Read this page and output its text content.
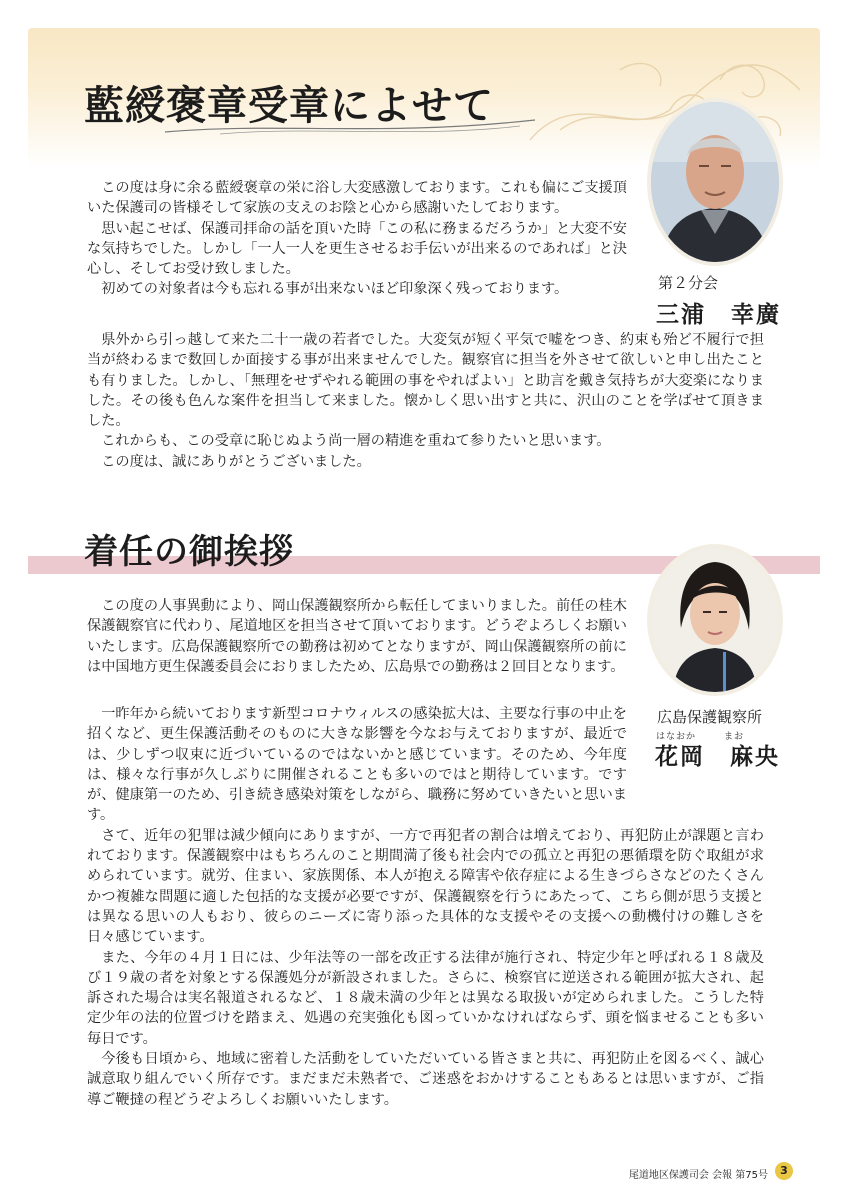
藍綬褒章受章によせて
第２分会
三浦　幸廣

この度は身に余る藍綬褒章の栄に浴し大変感激しております。これも偏にご支援頂いた保護司の皆様そして家族の支えのお陰と心から感謝いたしております。

思い起こせば、保護司拝命の話を頂いた時「この私に務まるだろうか」と大変不安な気持ちでした。しかし「一人一人を更生させるお手伝いが出来るのであれば」と決心し、そしてお受け致しました。

初めての対象者は今も忘れる事が出来ないほど印象深く残っております。

県外から引っ越して来た二十一歳の若者でした。大変気が短く平気で嘘をつき、約束も殆ど不履行で担当が終わるまで数回しか面接する事が出来ませんでした。観察官に担当を外させて欲しいと申し出たことも有りました。しかし、「無理をせずやれる範囲の事をやればよい」と助言を戴き気持ちが大変楽になりました。その後も色んな案件を担当して来ました。懐かしく思い出すと共に、沢山のことを学ばせて頂きました。

これからも、この受章に恥じぬよう尚一層の精進を重ねて参りたいと思います。

この度は、誠にありがとうございました。

着任の御挨拶
広島保護観察所
はなおか	まお
花岡　麻央

この度の人事異動により、岡山保護観察所から転任してまいりました。前任の桂木保護観察官に代わり、尾道地区を担当させて頂いております。どうぞよろしくお願いいたします。広島保護観察所での勤務は初めてとなりますが、岡山保護観察所の前には中国地方更生保護委員会におりましたため、広島県での勤務は２回目となります。

一昨年から続いております新型コロナウィルスの感染拡大は、主要な行事の中止を招くなど、更生保護活動そのものに大きな影響を今なお与えておりますが、最近では、少しずつ収束に近づいているのではないかと感じています。そのため、今年度は、様々な行事が久しぶりに開催されることも多いのではと期待しています。ですが、健康第一のため、引き続き感染対策をしながら、職務に努めていきたいと思います。

さて、近年の犯罪は減少傾向にありますが、一方で再犯者の割合は増えており、再犯防止が課題と言われております。保護観察中はもちろんのこと期間満了後も社会内での孤立と再犯の悪循環を防ぐ取組が求められています。就労、住まい、家族関係、本人が抱える障害や依存症による生きづらさなどのたくさんかつ複雑な問題に適した包括的な支援が必要ですが、保護観察を行うにあたって、こちら側が思う支援とは異なる思いの人もおり、彼らのニーズに寄り添った具体的な支援やその支援への動機付けの難しさを日々感じています。

また、今年の４月１日には、少年法等の一部を改正する法律が施行され、特定少年と呼ばれる１８歳及び１９歳の者を対象とする保護処分が新設されました。さらに、検察官に逆送される範囲が拡大され、起訴された場合は実名報道されるなど、１８歳未満の少年とは異なる取扱いが定められました。こうした特定少年の法的位置づけを踏まえ、処遇の充実強化も図っていかなければならず、頭を悩ませることも多い毎日です。

今後も日頃から、地域に密着した活動をしていただいている皆さまと共に、再犯防止を図るべく、誠心誠意取り組んでいく所存です。まだまだ未熟者で、ご迷惑をおかけすることもあるとは思いますが、ご指導ご鞭撻の程どうぞよろしくお願いいたします。

尾道地区保護司会 会報 第75号	3
